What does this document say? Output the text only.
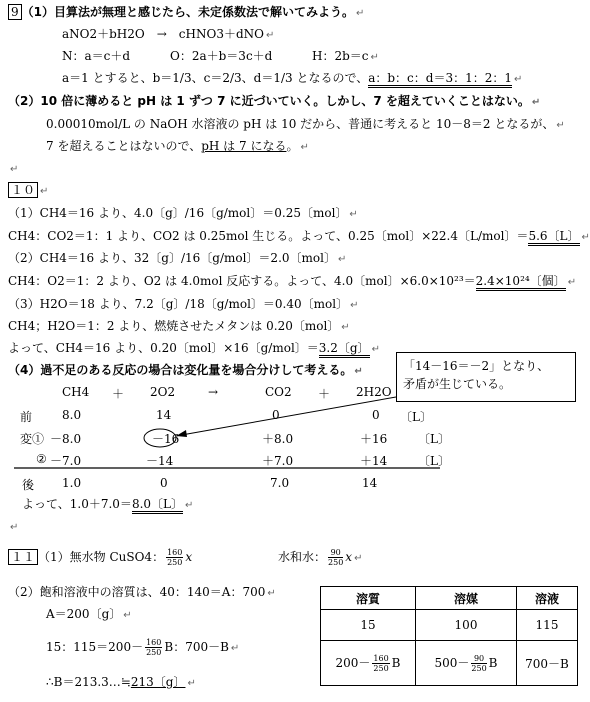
9 （1）目算法が無理と感じたら、未定係数法で解いてみよう。 ↵
aNO2＋bH2O　→　cHNO3＋dNO ↵
N：a＝c＋d	O：2a＋b＝3c＋d	H：2b＝c ↵
a＝1 とすると、b＝1/3、c＝2/3、d＝1/3 となるので、a：b：c：d＝3：1：2：1 ↵
（2）10 倍に薄めると pH は 1 ずつ 7 に近づいていく。しかし、7 を超えていくことはない。 ↵
0.00010mol/L の NaOH 水溶液の pH は 10 だから、普通に考えると 10－8＝2 となるが、 ↵
7 を超えることはないので、pH は 7 になる。 ↵
↵
１０ ↵
（1）CH4＝16 より、4.0〔g〕/16〔g/mol〕＝0.25〔mol〕 ↵
CH4：CO2＝1：1 より、CO2 は 0.25mol 生じる。よって、0.25〔mol〕×22.4〔L/mol〕＝5.6〔L〕 ↵
（2）CH4＝16 より、32〔g〕/16〔g/mol〕＝2.0〔mol〕 ↵
CH4：O2＝1：2 より、O2 は 4.0mol 反応する。よって、4.0〔mol〕×6.0×10²³＝2.4×10²⁴〔個〕 ↵
（3）H2O＝18 より、7.2〔g〕/18〔g/mol〕＝0.40〔mol〕 ↵
CH4；H2O＝1：2 より、燃焼させたメタンは 0.20〔mol〕 ↵
よって、CH4＝16 より、0.20〔mol〕×16〔g/mol〕＝3.2〔g〕 ↵
（4）過不足のある反応の場合は変化量を場合分けして考える。 ↵	「14－16＝－2」となり、
矛盾が生じている。
CH4 ＋ 2O2	→	CO2 ＋ 2H2O
前 8.0	14	0	0 〔L〕
変① －8.0	－16	＋8.0	＋16	〔L〕
② －7.0	－14	＋7.0	＋14	〔L〕
後 1.0	0	7.0	14
よって、1.0＋7.0＝8.0〔L〕 ↵
↵
１１ （1）無水物 CuSO4： $\frac{160}{250}$ x	水和水： $\frac{90}{250}$ x ↵
（2）飽和溶液中の溶質は、40：140＝A：700 ↵
A＝200〔g〕 ↵
15：$115=200- \frac{160}{250}$ B：700－B ↵
∴B＝213.3…≒213〔g〕 ↵
溶質	溶媒	溶液
15	100	115
$200- \frac{160}{250}$ B	$500- \frac{90}{250}$ B	700－B
